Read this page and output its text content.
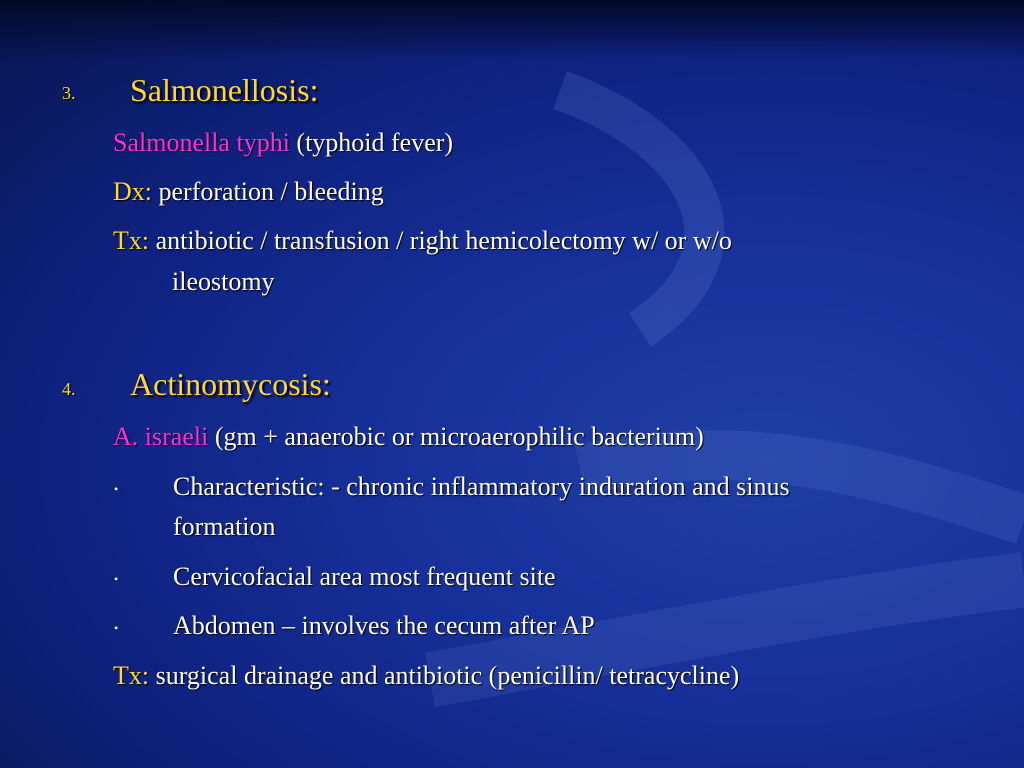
3. Salmonellosis:
Salmonella typhi (typhoid fever)
Dx: perforation / bleeding
Tx: antibiotic / transfusion / right hemicolectomy w/ or w/o
ileostomy
4. Actinomycosis:
A. israeli (gm + anaerobic or microaerophilic bacterium)
• Characteristic: - chronic inflammatory induration and sinus
formation
• Cervicofacial area most frequent site
• Abdomen – involves the cecum after AP
Tx: surgical drainage and antibiotic (penicillin/ tetracycline)
